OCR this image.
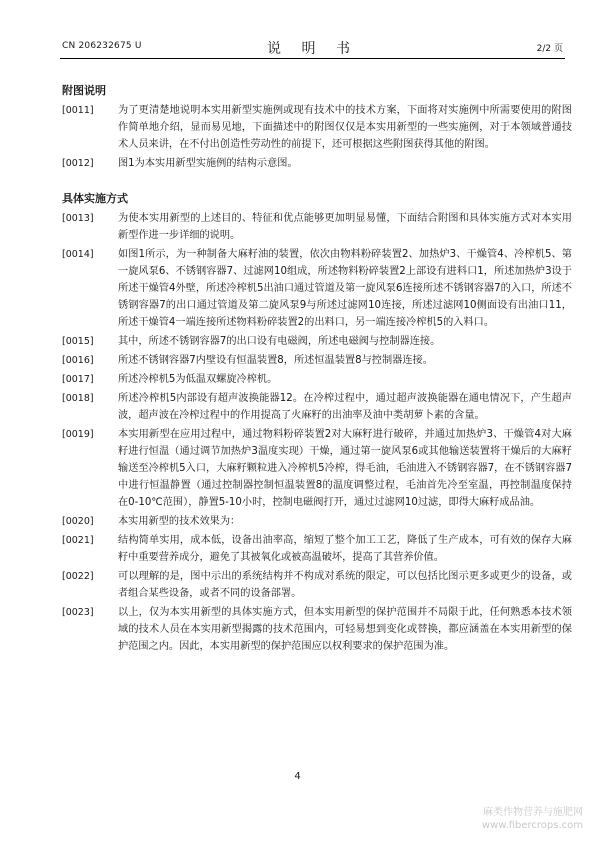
CN 206232675 U	说 明 书	2/2 页
附图说明
[0011] 为了更清楚地说明本实用新型实施例或现有技术中的技术方案，下面将对实施例中所需要使用的附图作简单地介绍，显而易见地，下面描述中的附图仅仅是本实用新型的一些实施例，对于本领域普通技术人员来讲，在不付出创造性劳动性的前提下，还可根据这些附图获得其他的附图。
[0012] 图1为本实用新型实施例的结构示意图。
具体实施方式
[0013] 为使本实用新型的上述目的、特征和优点能够更加明显易懂，下面结合附图和具体实施方式对本实用新型作进一步详细的说明。
[0014] 如图1所示，为一种制备大麻籽油的装置，依次由物料粉碎装置2、加热炉3、干燥管4、冷榨机5、第一旋风泵6、不锈钢容器7、过滤网10组成，所述物料粉碎装置2上部设有进料口1，所述加热炉3设于所述干燥管4外壁，所述冷榨机5出油口通过管道及第一旋风泵6连接所述不锈钢容器7的入口，所述不锈钢容器7的出口通过管道及第二旋风泵9与所述过滤网10连接，所述过滤网10侧面设有出油口11，所述干燥管4一端连接所述物料粉碎装置2的出料口，另一端连接冷榨机5的入料口。
[0015] 其中，所述不锈钢容器7的出口设有电磁阀，所述电磁阀与控制器连接。
[0016] 所述不锈钢容器7内壁设有恒温装置8，所述恒温装置8与控制器连接。
[0017] 所述冷榨机5为低温双螺旋冷榨机。
[0018] 所述冷榨机5内部设有超声波换能器12。在冷榨过程中，通过超声波换能器在通电情况下，产生超声波，超声波在冷榨过程中的作用提高了火麻籽的出油率及油中类胡萝卜素的含量。
[0019] 本实用新型在应用过程中，通过物料粉碎装置2对大麻籽进行破碎，并通过加热炉3、干燥管4对大麻籽进行恒温（通过调节加热炉3温度实现）干燥，通过第一旋风泵6或其他输送装置将干燥后的大麻籽输送至冷榨机5入口，大麻籽颗粒进入冷榨机5冷榨，得毛油，毛油进入不锈钢容器7，在不锈钢容器7中进行恒温静置（通过控制器控制恒温装置8的温度调整过程，毛油首先冷至室温，再控制温度保持在0-10℃范围），静置5-10小时，控制电磁阀打开，通过过滤网10过滤，即得大麻籽成品油。
[0020] 本实用新型的技术效果为：
[0021] 结构简单实用，成本低，设备出油率高，缩短了整个加工工艺，降低了生产成本，可有效的保存大麻籽中重要营养成分，避免了其被氧化或被高温破坏，提高了其营养价值。
[0022] 可以理解的是，图中示出的系统结构并不构成对系统的限定，可以包括比图示更多或更少的设备，或者组合某些设备，或者不同的设备部署。
[0023] 以上，仅为本实用新型的具体实施方式，但本实用新型的保护范围并不局限于此，任何熟悉本技术领域的技术人员在本实用新型揭露的技术范围内，可轻易想到变化或替换，都应涵盖在本实用新型的保护范围之内。因此，本实用新型的保护范围应以权利要求的保护范围为准。
4
麻类作物营养与施肥网
www.fibercrops.com
